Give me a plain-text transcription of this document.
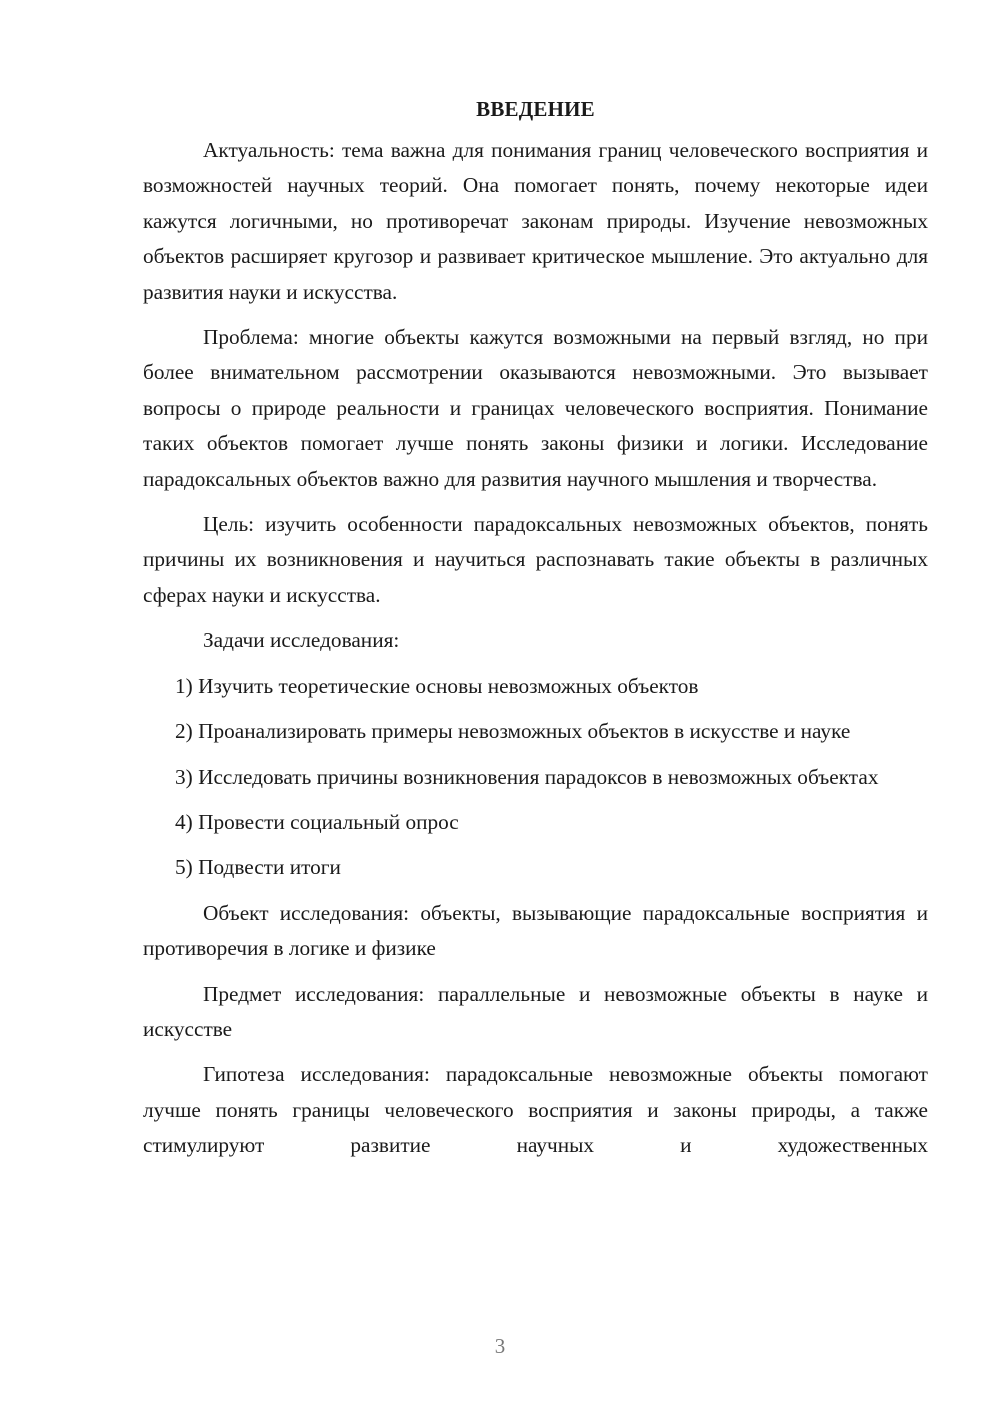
ВВЕДЕНИЕ

Актуальность: тема важна для понимания границ человеческого восприятия и возможностей научных теорий. Она помогает понять, почему некоторые идеи кажутся логичными, но противоречат законам природы. Изучение невозможных объектов расширяет кругозор и развивает критическое мышление. Это актуально для развития науки и искусства.

Проблема: многие объекты кажутся возможными на первый взгляд, но при более внимательном рассмотрении оказываются невозможными. Это вызывает вопросы о природе реальности и границах человеческого восприятия. Понимание таких объектов помогает лучше понять законы физики и логики. Исследование парадоксальных объектов важно для развития научного мышления и творчества.

Цель: изучить особенности парадоксальных невозможных объектов, понять причины их возникновения и научиться распознавать такие объекты в различных сферах науки и искусства.

Задачи исследования:

1) Изучить теоретические основы невозможных объектов

2) Проанализировать примеры невозможных объектов в искусстве и науке

3) Исследовать причины возникновения парадоксов в невозможных объектах

4) Провести социальный опрос

5) Подвести итоги

Объект исследования: объекты, вызывающие парадоксальные восприятия и противоречия в логике и физике

Предмет исследования: параллельные и невозможные объекты в науке и искусстве

Гипотеза исследования: парадоксальные невозможные объекты помогают лучше понять границы человеческого восприятия и законы природы, а также стимулируют развитие научных и художественных

3
